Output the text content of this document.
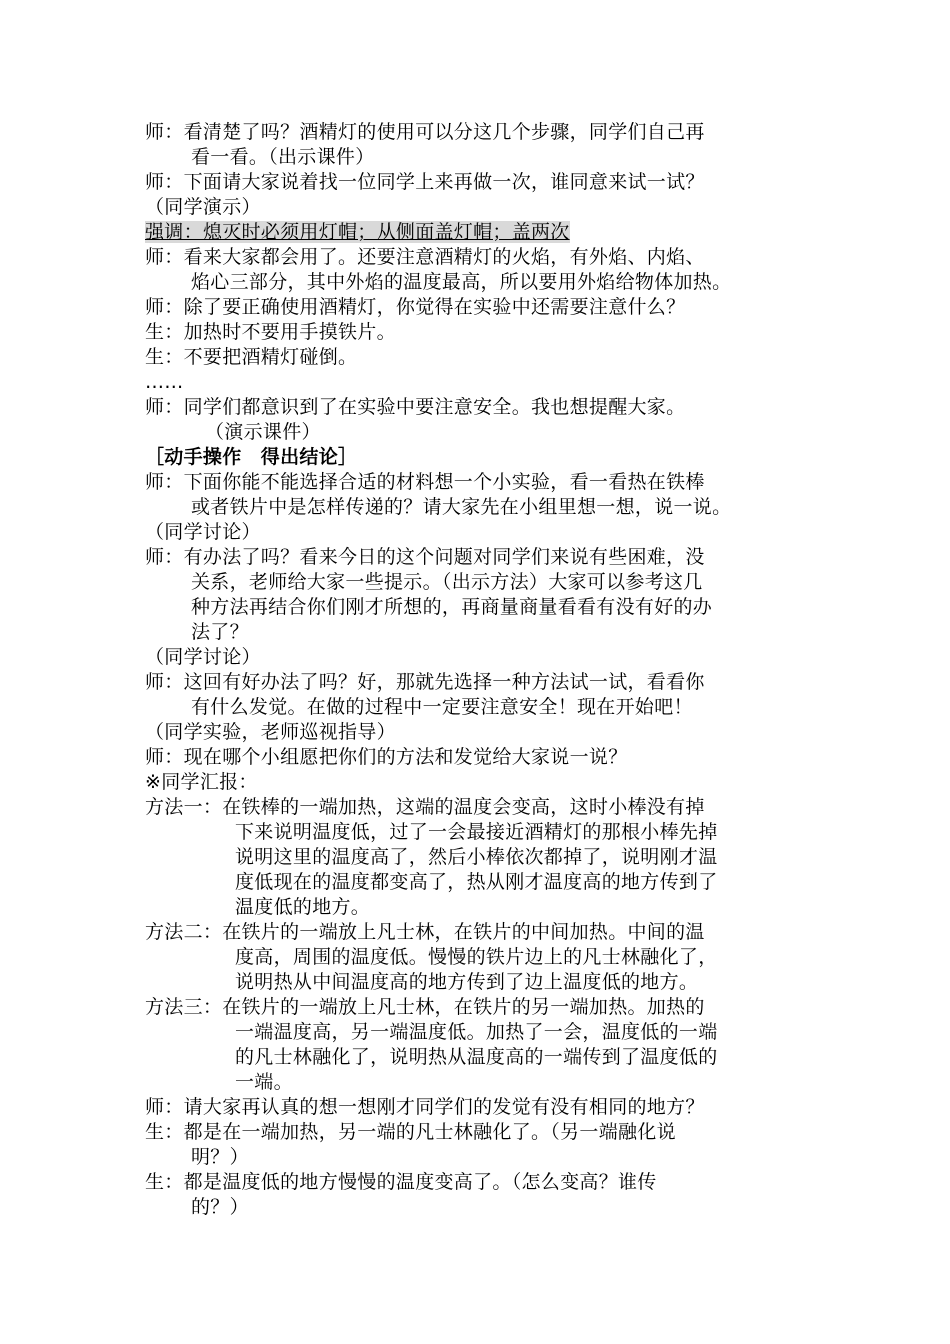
师：看清楚了吗？酒精灯的使用可以分这几个步骤，同学们自己再
看一看。（出示课件）
师：下面请大家说着找一位同学上来再做一次，谁同意来试一试？
（同学演示）
强调：熄灭时必须用灯帽；从侧面盖灯帽；盖两次
师：看来大家都会用了。还要注意酒精灯的火焰，有外焰、内焰、
焰心三部分，其中外焰的温度最高，所以要用外焰给物体加热。
师：除了要正确使用酒精灯，你觉得在实验中还需要注意什么？
生：加热时不要用手摸铁片。
生：不要把酒精灯碰倒。
……
师：同学们都意识到了在实验中要注意安全。我也想提醒大家。
（演示课件）
［动手操作　得出结论］
师：下面你能不能选择合适的材料想一个小实验，看一看热在铁棒
或者铁片中是怎样传递的？请大家先在小组里想一想，说一说。
（同学讨论）
师：有办法了吗？看来今日的这个问题对同学们来说有些困难，没
关系，老师给大家一些提示。（出示方法）大家可以参考这几
种方法再结合你们刚才所想的，再商量商量看看有没有好的办
法了？
（同学讨论）
师：这回有好办法了吗？好，那就先选择一种方法试一试，看看你
有什么发觉。在做的过程中一定要注意安全！现在开始吧！
（同学实验，老师巡视指导）
师：现在哪个小组愿把你们的方法和发觉给大家说一说？
※同学汇报：
方法一：在铁棒的一端加热，这端的温度会变高，这时小棒没有掉
下来说明温度低，过了一会最接近酒精灯的那根小棒先掉
说明这里的温度高了，然后小棒依次都掉了，说明刚才温
度低现在的温度都变高了，热从刚才温度高的地方传到了
温度低的地方。
方法二：在铁片的一端放上凡士林，在铁片的中间加热。中间的温
度高，周围的温度低。慢慢的铁片边上的凡士林融化了，
说明热从中间温度高的地方传到了边上温度低的地方。
方法三：在铁片的一端放上凡士林，在铁片的另一端加热。加热的
一端温度高，另一端温度低。加热了一会，温度低的一端
的凡士林融化了，说明热从温度高的一端传到了温度低的
一端。
师：请大家再认真的想一想刚才同学们的发觉有没有相同的地方？
生：都是在一端加热，另一端的凡士林融化了。（另一端融化说
明？）
生：都是温度低的地方慢慢的温度变高了。（怎么变高？谁传
的？）
